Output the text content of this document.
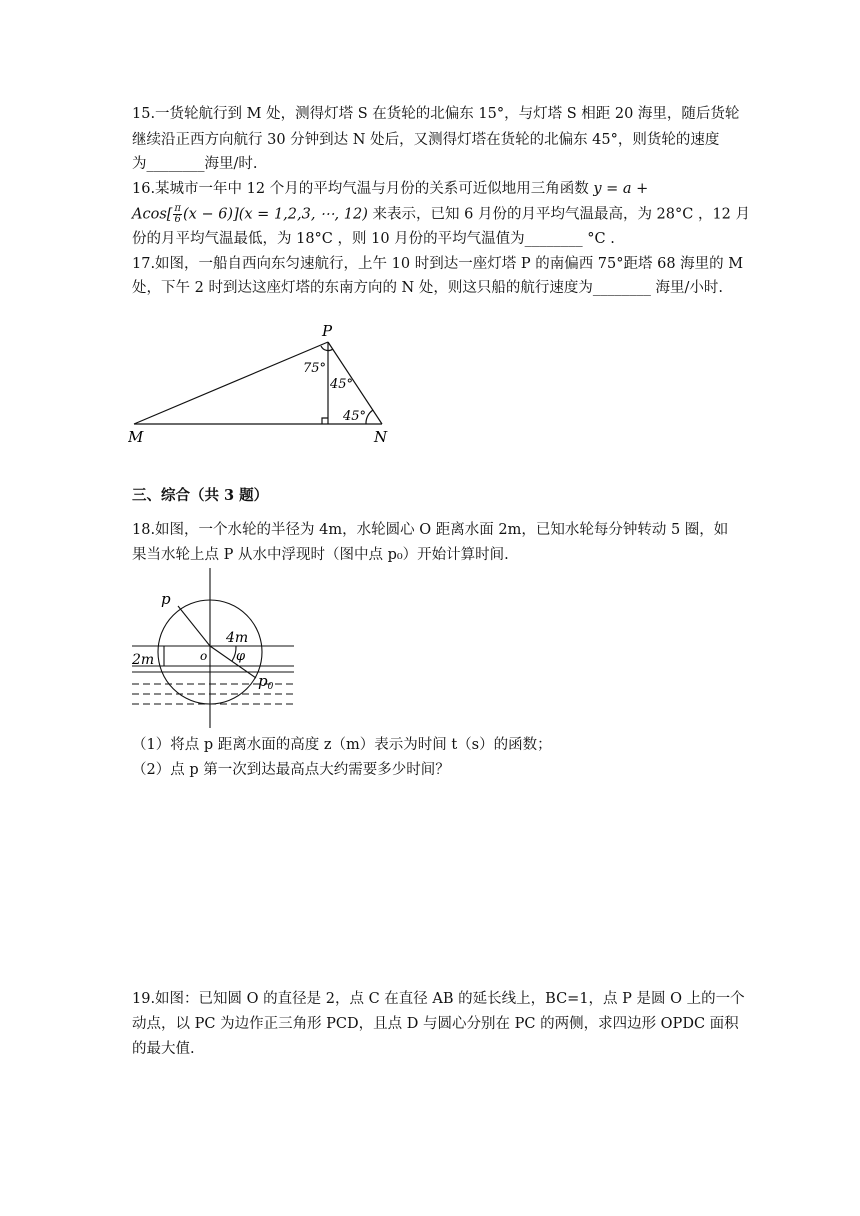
15.一货轮航行到 M 处，测得灯塔 S 在货轮的北偏东 15°，与灯塔 S 相距 20 海里，随后货轮
继续沿正西方向航行 30 分钟到达 N 处后，又测得灯塔在货轮的北偏东 45°，则货轮的速度
为________海里/时.
16.某城市一年中 12 个月的平均气温与月份的关系可近似地用三角函数 y = a +
$Acos[ \frac{\pi}{6} (x - 6)](x = 1,2,3$, ⋯, 12) 来表示，已知 6 月份的月平均气温最高，为 28°C ，12 月
份的月平均气温最低，为 18°C ，则 10 月份的平均气温值为________ °C .
17.如图，一船自西向东匀速航行，上午 10 时到达一座灯塔 P 的南偏西 75°距塔 68 海里的 M
处，下午 2 时到达这座灯塔的东南方向的 N 处，则这只船的航行速度为________ 海里/小时.
P
M	N
75°
45°
45°
三、综合（共 3 题）
18.如图，一个水轮的半径为 4m，水轮圆心 O 距离水面 2m，已知水轮每分钟转动 5 圈，如
果当水轮上点 P 从水中浮现时（图中点 p₀）开始计算时间.
p
4m
2m	o φ
$p_0$
（1）将点 p 距离水面的高度 z（m）表示为时间 t（s）的函数；
（2）点 p 第一次到达最高点大约需要多少时间？
19.如图：已知圆 O 的直径是 2，点 C 在直径 AB 的延长线上，BC=1，点 P 是圆 O 上的一个
动点，以 PC 为边作正三角形 PCD，且点 D 与圆心分别在 PC 的两侧，求四边形 OPDC 面积
的最大值.
